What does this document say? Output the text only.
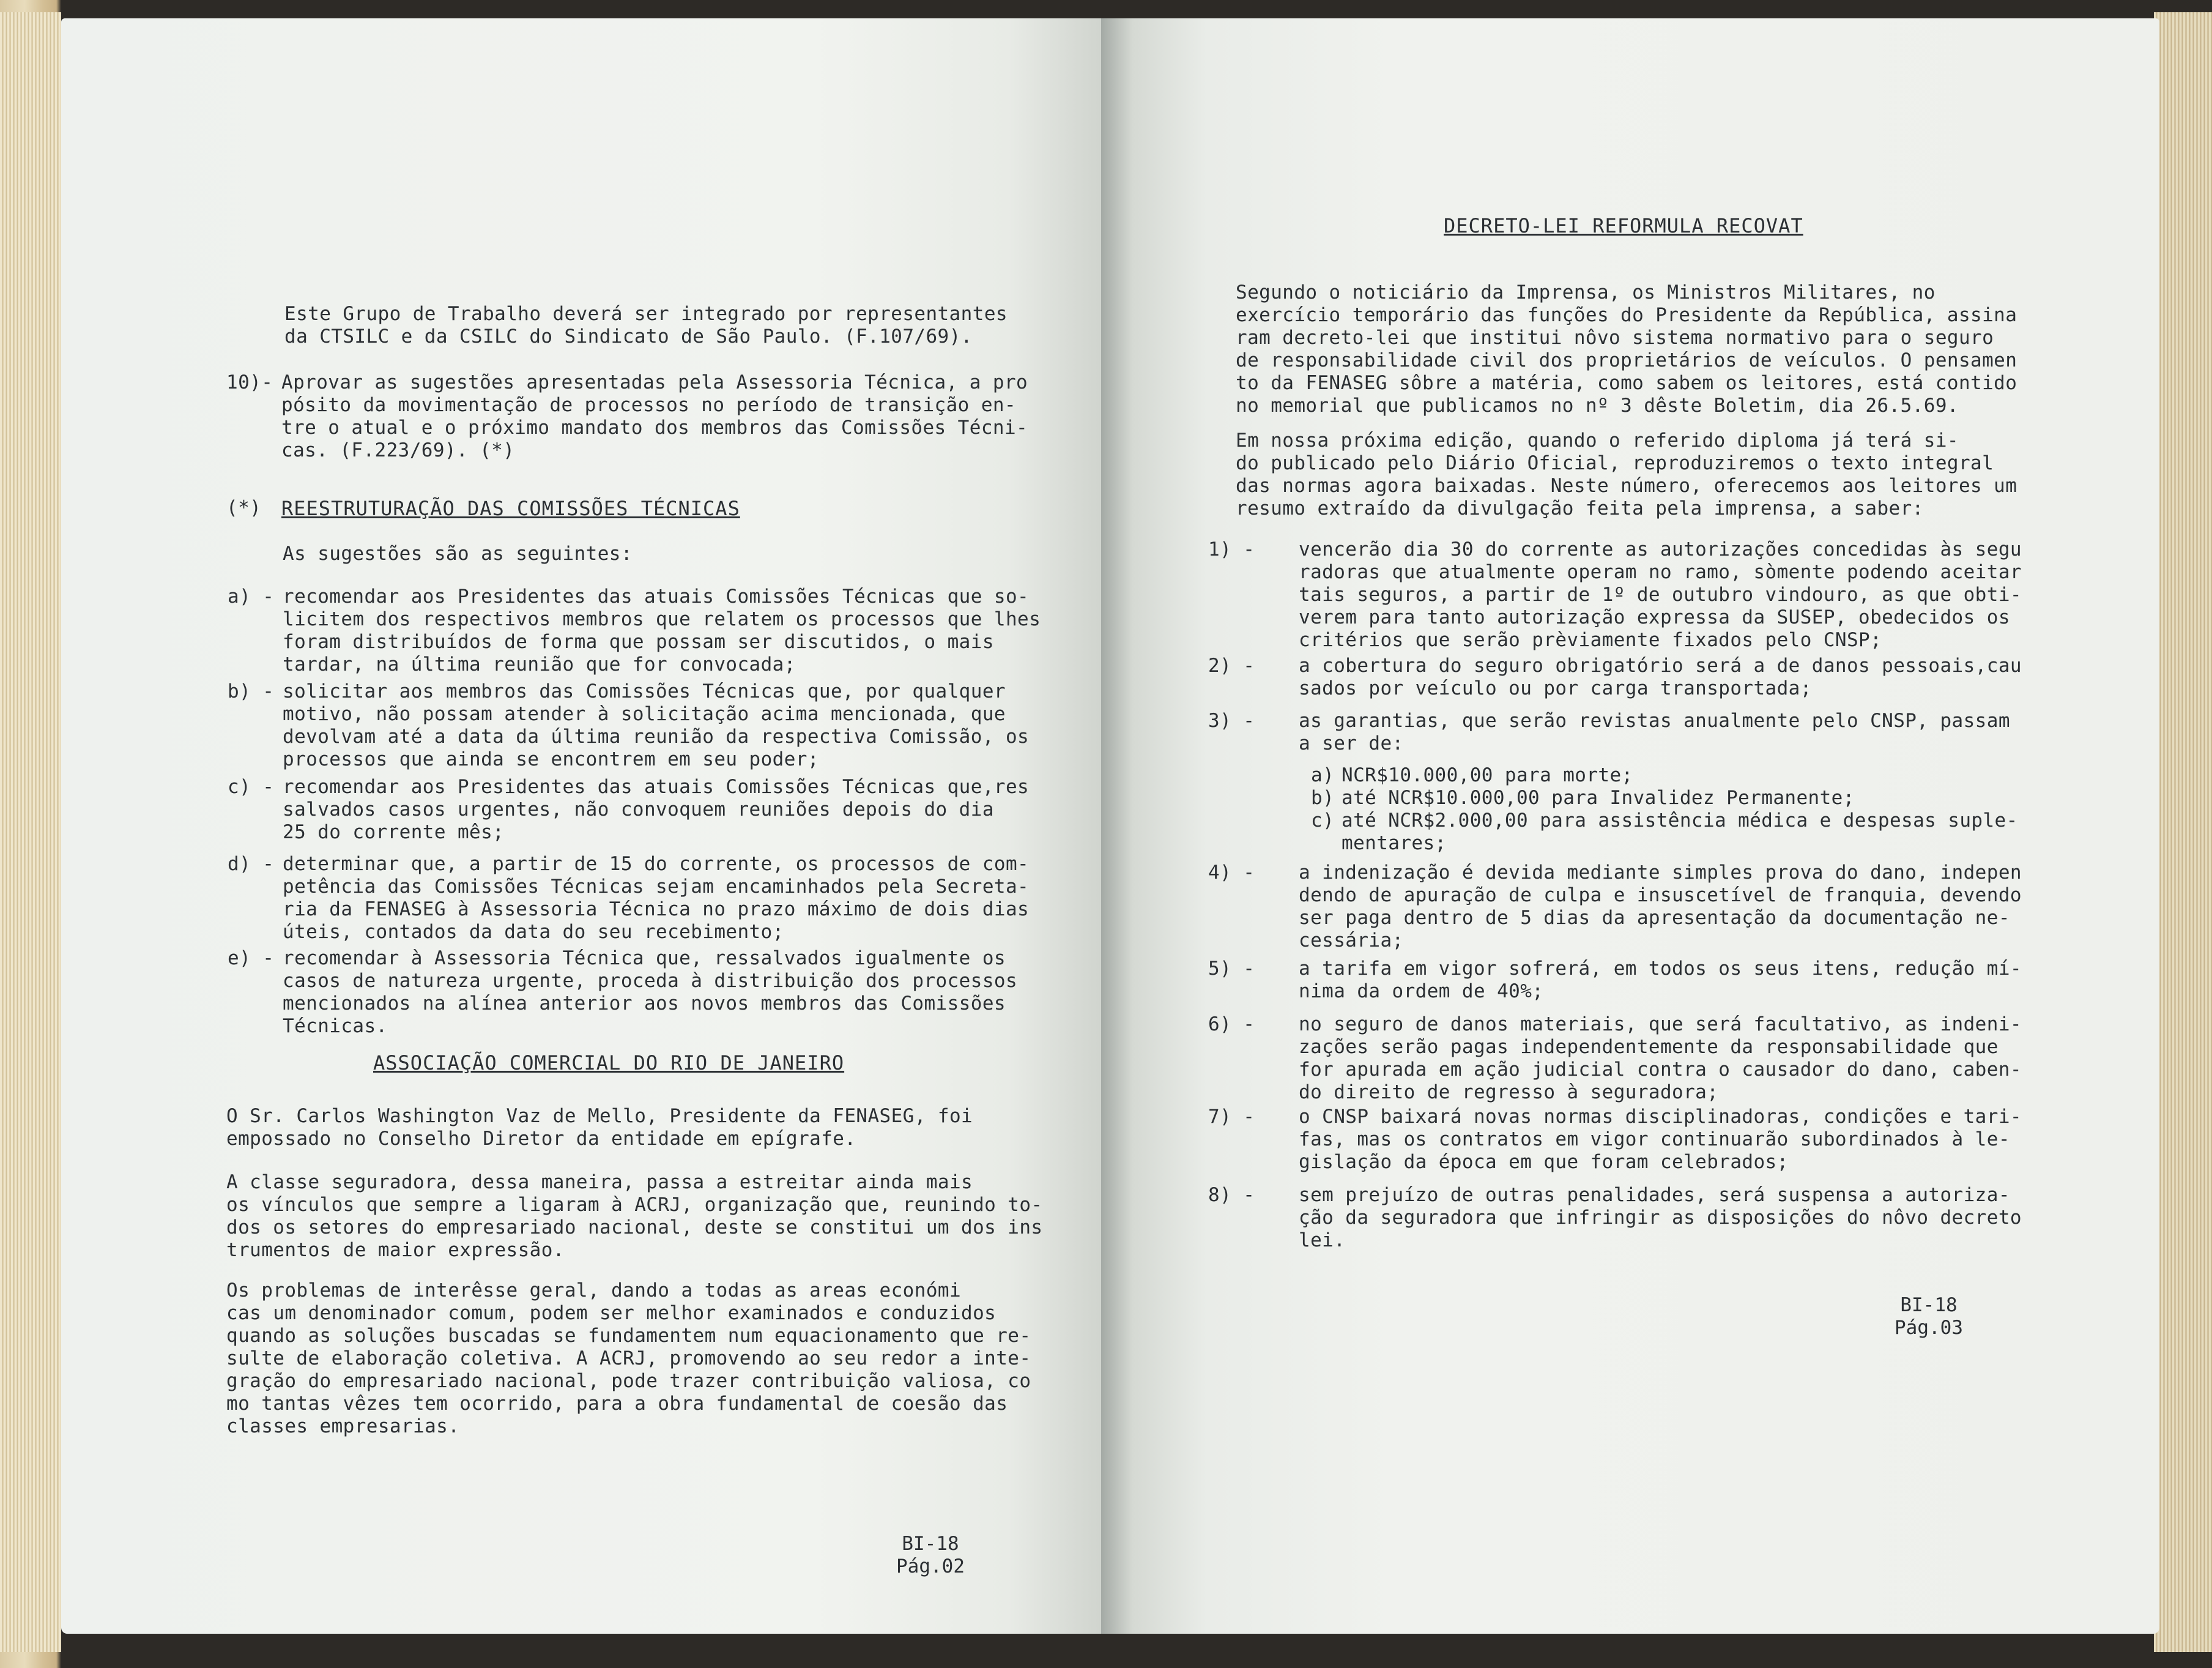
Este Grupo de Trabalho deverá ser integrado por representantes
da CTSILC e da CSILC do Sindicato de São Paulo. (F.107/69).
10)- Aprovar as sugestões apresentadas pela Assessoria Técnica, a pro
pósito da movimentação de processos no período de transição en-
tre o atual e o próximo mandato dos membros das Comissões Técni-
cas. (F.223/69). (*)
(*) REESTRUTURAÇÃO DAS COMISSÕES TÉCNICAS
As sugestões são as seguintes:
a) - recomendar aos Presidentes das atuais Comissões Técnicas que so-
licitem dos respectivos membros que relatem os processos que lhes
foram distribuídos de forma que possam ser discutidos, o mais
tardar, na última reunião que for convocada;
b) - solicitar aos membros das Comissões Técnicas que, por qualquer
motivo, não possam atender à solicitação acima mencionada, que
devolvam até a data da última reunião da respectiva Comissão, os
processos que ainda se encontrem em seu poder;
c) - recomendar aos Presidentes das atuais Comissões Técnicas que,res
salvados casos urgentes, não convoquem reuniões depois do dia
25 do corrente mês;
d) - determinar que, a partir de 15 do corrente, os processos de com-
petência das Comissões Técnicas sejam encaminhados pela Secreta-
ria da FENASEG à Assessoria Técnica no prazo máximo de dois dias
úteis, contados da data do seu recebimento;
e) - recomendar à Assessoria Técnica que, ressalvados igualmente os
casos de natureza urgente, proceda à distribuição dos processos
mencionados na alínea anterior aos novos membros das Comissões
Técnicas.
ASSOCIAÇÃO COMERCIAL DO RIO DE JANEIRO
O Sr. Carlos Washington Vaz de Mello, Presidente da FENASEG, foi
empossado no Conselho Diretor da entidade em epígrafe.
A classe seguradora, dessa maneira, passa a estreitar ainda mais
os vínculos que sempre a ligaram à ACRJ, organização que, reunindo to-
dos os setores do empresariado nacional, deste se constitui um dos ins
trumentos de maior expressão.
Os problemas de interêsse geral, dando a todas as areas económi
cas um denominador comum, podem ser melhor examinados e conduzidos
quando as soluções buscadas se fundamentem num equacionamento que re-
sulte de elaboração coletiva. A ACRJ, promovendo ao seu redor a inte-
gração do empresariado nacional, pode trazer contribuição valiosa, co
mo tantas vêzes tem ocorrido, para a obra fundamental de coesão das
classes empresarias.
BI-18
Pág.02
DECRETO-LEI REFORMULA RECOVAT
Segundo o noticiário da Imprensa, os Ministros Militares, no
exercício temporário das funções do Presidente da República, assina
ram decreto-lei que institui nôvo sistema normativo para o seguro
de responsabilidade civil dos proprietários de veículos. O pensamen
to da FENASEG sôbre a matéria, como sabem os leitores, está contido
no memorial que publicamos no nº 3 dêste Boletim, dia 26.5.69.
Em nossa próxima edição, quando o referido diploma já terá si-
do publicado pelo Diário Oficial, reproduziremos o texto integral
das normas agora baixadas. Neste número, oferecemos aos leitores um
resumo extraído da divulgação feita pela imprensa, a saber:
1) - vencerão dia 30 do corrente as autorizações concedidas às segu
radoras que atualmente operam no ramo, sòmente podendo aceitar
tais seguros, a partir de 1º de outubro vindouro, as que obti-
verem para tanto autorização expressa da SUSEP, obedecidos os
critérios que serão prèviamente fixados pelo CNSP;
2) - a cobertura do seguro obrigatório será a de danos pessoais,cau
sados por veículo ou por carga transportada;
3) - as garantias, que serão revistas anualmente pelo CNSP, passam
a ser de:
a) NCR$10.000,00 para morte;
b) até NCR$10.000,00 para Invalidez Permanente;
c) até NCR$2.000,00 para assistência médica e despesas suple-
mentares;
4) - a indenização é devida mediante simples prova do dano, indepen
dendo de apuração de culpa e insuscetível de franquia, devendo
ser paga dentro de 5 dias da apresentação da documentação ne-
cessária;
5) - a tarifa em vigor sofrerá, em todos os seus itens, redução mí-
nima da ordem de 40%;
6) - no seguro de danos materiais, que será facultativo, as indeni-
zações serão pagas independentemente da responsabilidade que
for apurada em ação judicial contra o causador do dano, caben-
do direito de regresso à seguradora;
7) - o CNSP baixará novas normas disciplinadoras, condições e tari-
fas, mas os contratos em vigor continuarão subordinados à le-
gislação da época em que foram celebrados;
8) - sem prejuízo de outras penalidades, será suspensa a autoriza-
ção da seguradora que infringir as disposições do nôvo decreto
lei.
BI-18
Pág.03
